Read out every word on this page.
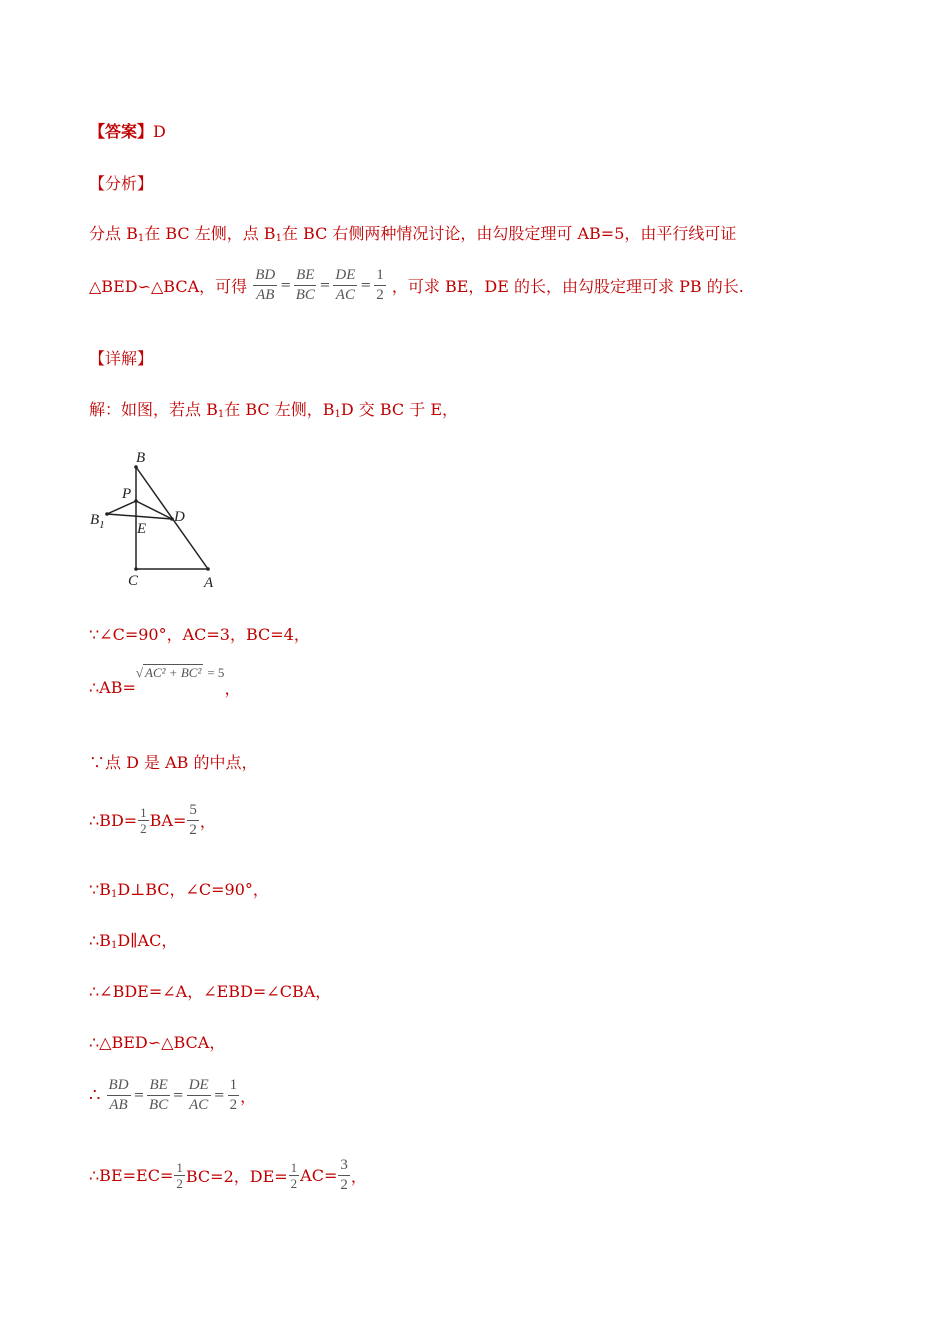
【答案】D
【分析】
分点 $B_1$在 BC 左侧，点 $B_1$在 BC 右侧两种情况讨论，由勾股定理可 AB=5，由平行线可证
△BED∽△BCA，可得 $\frac{BD}{AB} = \frac{BE}{BC} = \frac{DE}{AC} = \frac{1}{2}$ ，可求 BE，DE 的长，由勾股定理可求 PB 的长.
【详解】
解：如图，若点 $B_1$在 BC 左侧，$B_1D$ 交 BC 于 E，
B
P
$B_1$	D
E
C	A
∵∠C=90°，AC=3，BC=4，
∴AB=√ AC² + BC² = 5，
∵点 D 是 AB 的中点，
∴BD= $\frac{1}{2} BA= \frac{5}{2}$ ，
$\because B_1D\perp BC$，∠C=90°，
$\therefore B_1D\parallel AC$，
∴∠BDE=∠A，∠EBD=∠CBA，
∴△BED∽△BCA，
∴ $\frac{BD}{AB} = \frac{BE}{BC} = \frac{DE}{AC} = \frac{1}{2}$ ，
∴BE=EC= $\frac{1}{2} BC=2$，$DE= \frac{1}{2} AC= \frac{3}{2}$ ，
